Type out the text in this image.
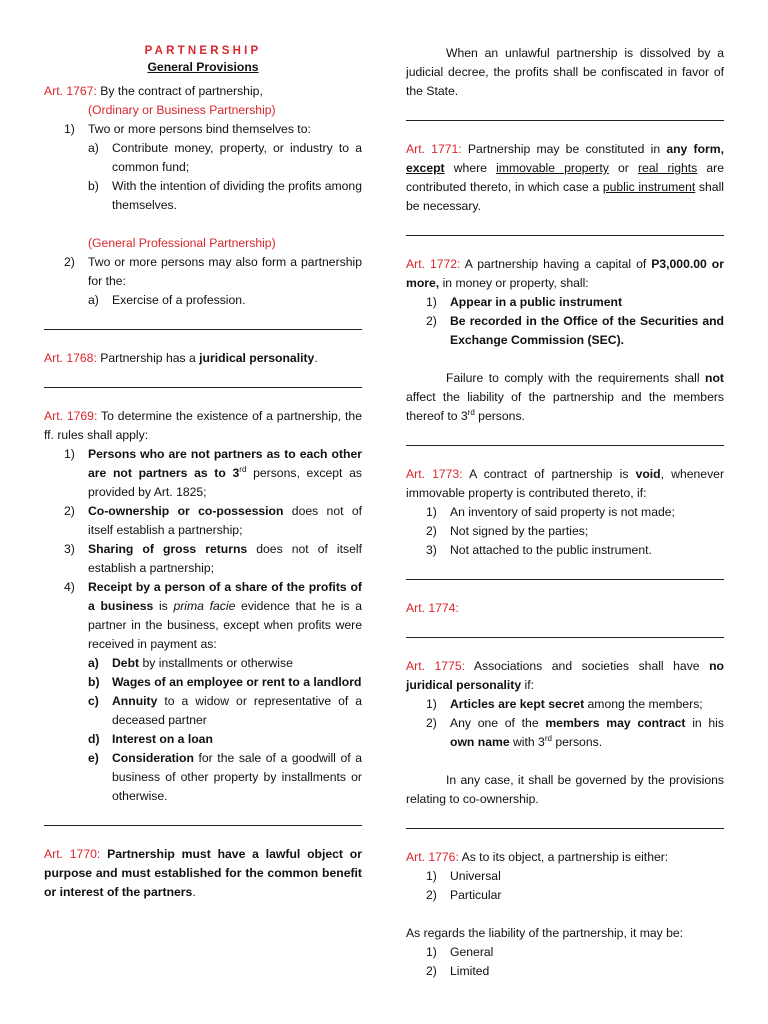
PARTNERSHIP

General Provisions

Art. 1767: By the contract of partnership,

(Ordinary or Business Partnership)

1)	Two or more persons bind themselves to:
a)	Contribute money, property, or industry to a common fund;
b)	With the intention of dividing the profits among themselves.

(General Professional Partnership)

2)	Two or more persons may also form a partnership for the:
a)	Exercise of a profession.

Art. 1768: Partnership has a juridical personality.

Art. 1769: To determine the existence of a partnership, the ff. rules shall apply:

1)	Persons who are not partners as to each other are not partners as to 3rd persons, except as provided by Art. 1825;
2)	Co-ownership or co-possession does not of itself establish a partnership;
3)	Sharing of gross returns does not of itself establish a partnership;
4)	Receipt by a person of a share of the profits of a business is prima facie evidence that he is a partner in the business, except when profits were received in payment as:
a)	Debt by installments or otherwise
b)	Wages of an employee or rent to a landlord
c)	Annuity to a widow or representative of a deceased partner
d)	Interest on a loan
e)	Consideration for the sale of a goodwill of a business of other property by installments or otherwise.

Art. 1770: Partnership must have a lawful object or purpose and must established for the common benefit or interest of the partners.

When an unlawful partnership is dissolved by a judicial decree, the profits shall be confiscated in favor of the State.

Art. 1771: Partnership may be constituted in any form, except where immovable property or real rights are contributed thereto, in which case a public instrument shall be necessary.

Art. 1772: A partnership having a capital of P3,000.00 or more, in money or property, shall:

1)	Appear in a public instrument
2)	Be recorded in the Office of the Securities and Exchange Commission (SEC).

Failure to comply with the requirements shall not affect the liability of the partnership and the members thereof to 3rd persons.

Art. 1773: A contract of partnership is void, whenever immovable property is contributed thereto, if:

1)	An inventory of said property is not made;
2)	Not signed by the parties;
3)	Not attached to the public instrument.

Art. 1774:

Art. 1775: Associations and societies shall have no juridical personality if:

1)	Articles are kept secret among the members;
2)	Any one of the members may contract in his own name with 3rd persons.

In any case, it shall be governed by the provisions relating to co-ownership.

Art. 1776: As to its object, a partnership is either:

1)	Universal
2)	Particular

As regards the liability of the partnership, it may be:

1)	General
2)	Limited
